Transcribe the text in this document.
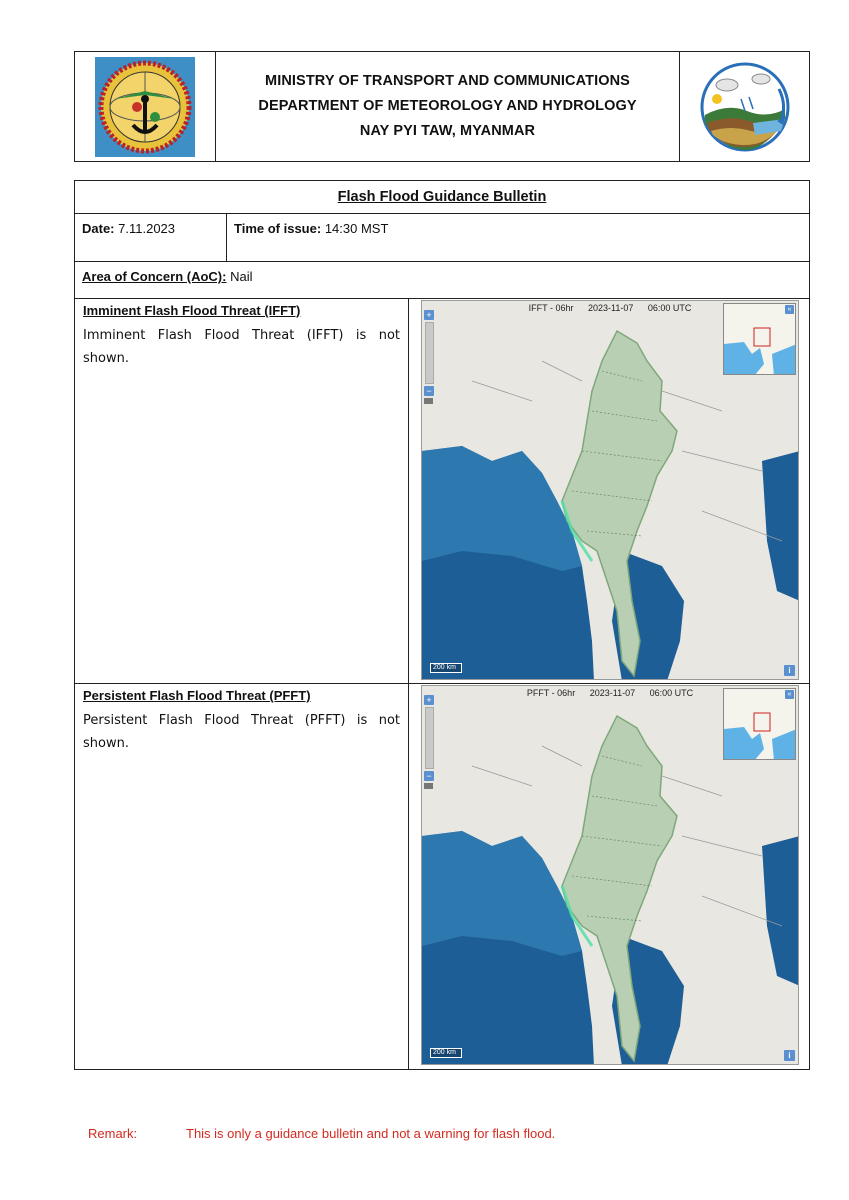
MINISTRY OF TRANSPORT AND COMMUNICATIONS
DEPARTMENT OF METEOROLOGY AND HYDROLOGY
NAY PYI TAW, MYANMAR
Flash Flood Guidance Bulletin
Date: 7.11.2023	Time of issue: 14:30 MST
Area of Concern (AoC): Nail
Imminent Flash Flood Threat (IFFT)

Imminent Flash Flood Threat (IFFT) is not shown.

IFFT - 06hr 2023-11-07 06:00 UTC
+
−
«
200 km	i
Persistent Flash Flood Threat (PFFT)

Persistent Flash Flood Threat (PFFT) is not shown.

PFFT - 06hr 2023-11-07 06:00 UTC
+
−
«
200 km	i
Remark:	This is only a guidance bulletin and not a warning for flash flood.
